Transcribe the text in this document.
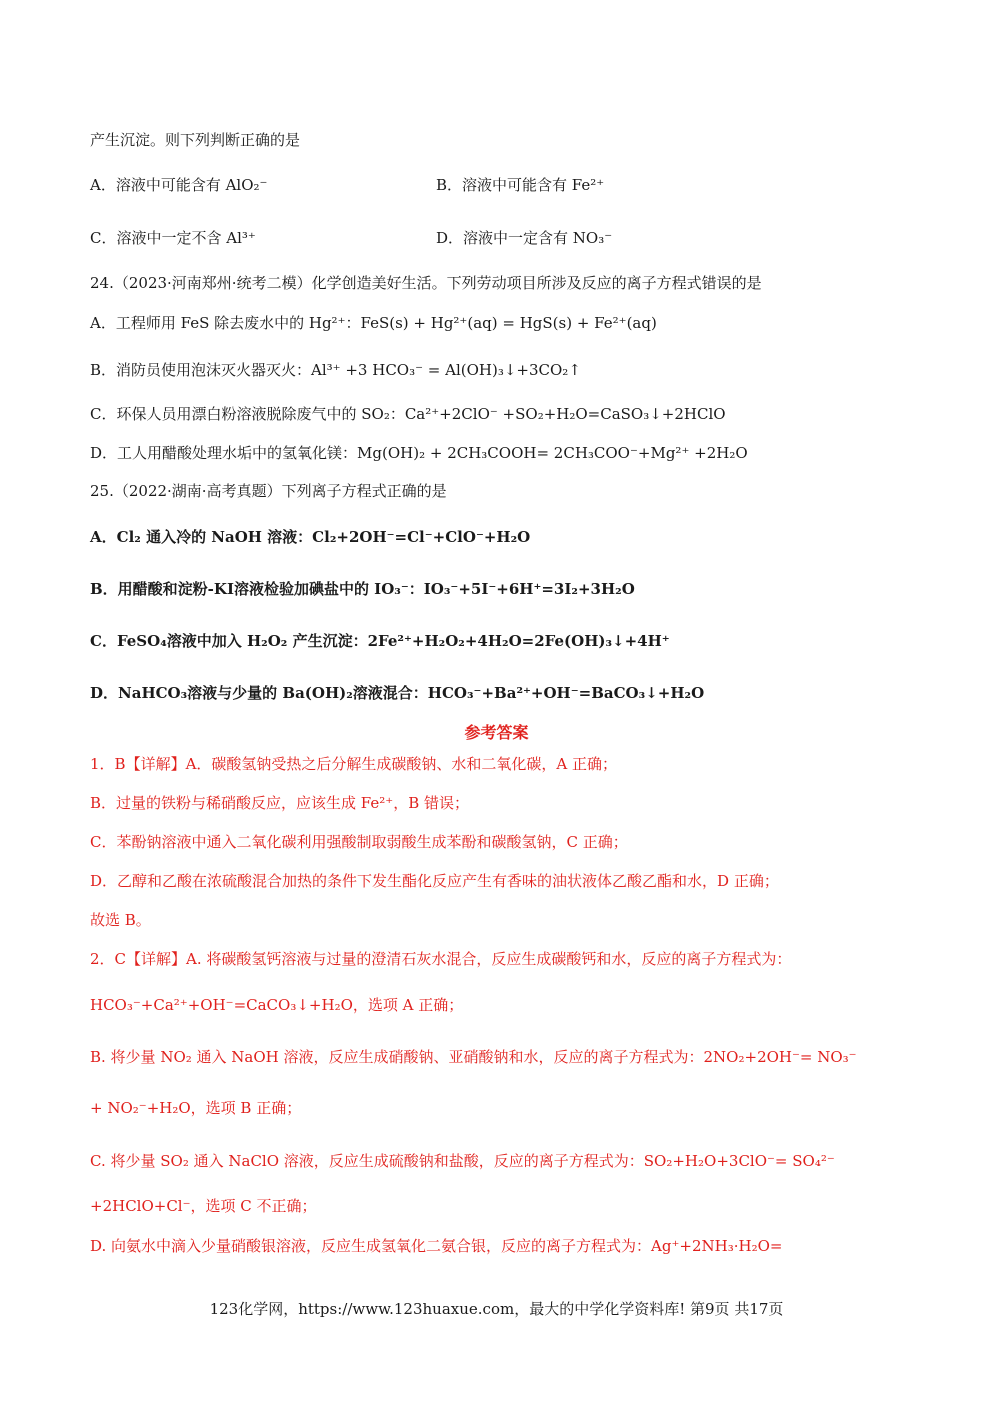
产生沉淀。则下列判断正确的是
A．溶液中可能含有 AlO₂⁻	B．溶液中可能含有 Fe²⁺
C．溶液中一定不含 Al³⁺	D．溶液中一定含有 NO₃⁻
24.（2023·河南郑州·统考二模）化学创造美好生活。下列劳动项目所涉及反应的离子方程式错误的是
A．工程师用 FeS 除去废水中的 Hg²⁺：FeS(s) + Hg²⁺(aq) = HgS(s) + Fe²⁺(aq)
B．消防员使用泡沫灭火器灭火：Al³⁺ +3 HCO₃⁻ = Al(OH)₃↓+3CO₂↑
C．环保人员用漂白粉溶液脱除废气中的 SO₂：Ca²⁺+2ClO⁻ +SO₂+H₂O=CaSO₃↓+2HClO
D．工人用醋酸处理水垢中的氢氧化镁：Mg(OH)₂ + 2CH₃COOH= 2CH₃COO⁻+Mg²⁺ +2H₂O
25.（2022·湖南·高考真题）下列离子方程式正确的是
A．Cl₂ 通入冷的 NaOH 溶液：Cl₂+2OH⁻=Cl⁻+ClO⁻+H₂O
B．用醋酸和淀粉-KI溶液检验加碘盐中的 IO₃⁻：IO₃⁻+5I⁻+6H⁺=3I₂+3H₂O
C．FeSO₄溶液中加入 H₂O₂ 产生沉淀：2Fe²⁺+H₂O₂+4H₂O=2Fe(OH)₃↓+4H⁺
D．NaHCO₃溶液与少量的 Ba(OH)₂溶液混合：HCO₃⁻+Ba²⁺+OH⁻=BaCO₃↓+H₂O
参考答案
1．B【详解】A．碳酸氢钠受热之后分解生成碳酸钠、水和二氧化碳，A 正确；
B．过量的铁粉与稀硝酸反应，应该生成 Fe²⁺，B 错误；
C．苯酚钠溶液中通入二氧化碳利用强酸制取弱酸生成苯酚和碳酸氢钠，C 正确；
D．乙醇和乙酸在浓硫酸混合加热的条件下发生酯化反应产生有香味的油状液体乙酸乙酯和水，D 正确；
故选 B。
2．C【详解】A. 将碳酸氢钙溶液与过量的澄清石灰水混合，反应生成碳酸钙和水，反应的离子方程式为：
HCO₃⁻+Ca²⁺+OH⁻=CaCO₃↓+H₂O，选项 A 正确；
B. 将少量 NO₂ 通入 NaOH 溶液，反应生成硝酸钠、亚硝酸钠和水，反应的离子方程式为：2NO₂+2OH⁻= NO₃⁻
+ NO₂⁻+H₂O，选项 B 正确；
C. 将少量 SO₂ 通入 NaClO 溶液，反应生成硫酸钠和盐酸，反应的离子方程式为：SO₂+H₂O+3ClO⁻= SO₄²⁻
+2HClO+Cl⁻，选项 C 不正确；
D. 向氨水中滴入少量硝酸银溶液，反应生成氢氧化二氨合银，反应的离子方程式为：Ag⁺+2NH₃·H₂O=
123化学网，https://www.123huaxue.com，最大的中学化学资料库! 第9页 共17页
